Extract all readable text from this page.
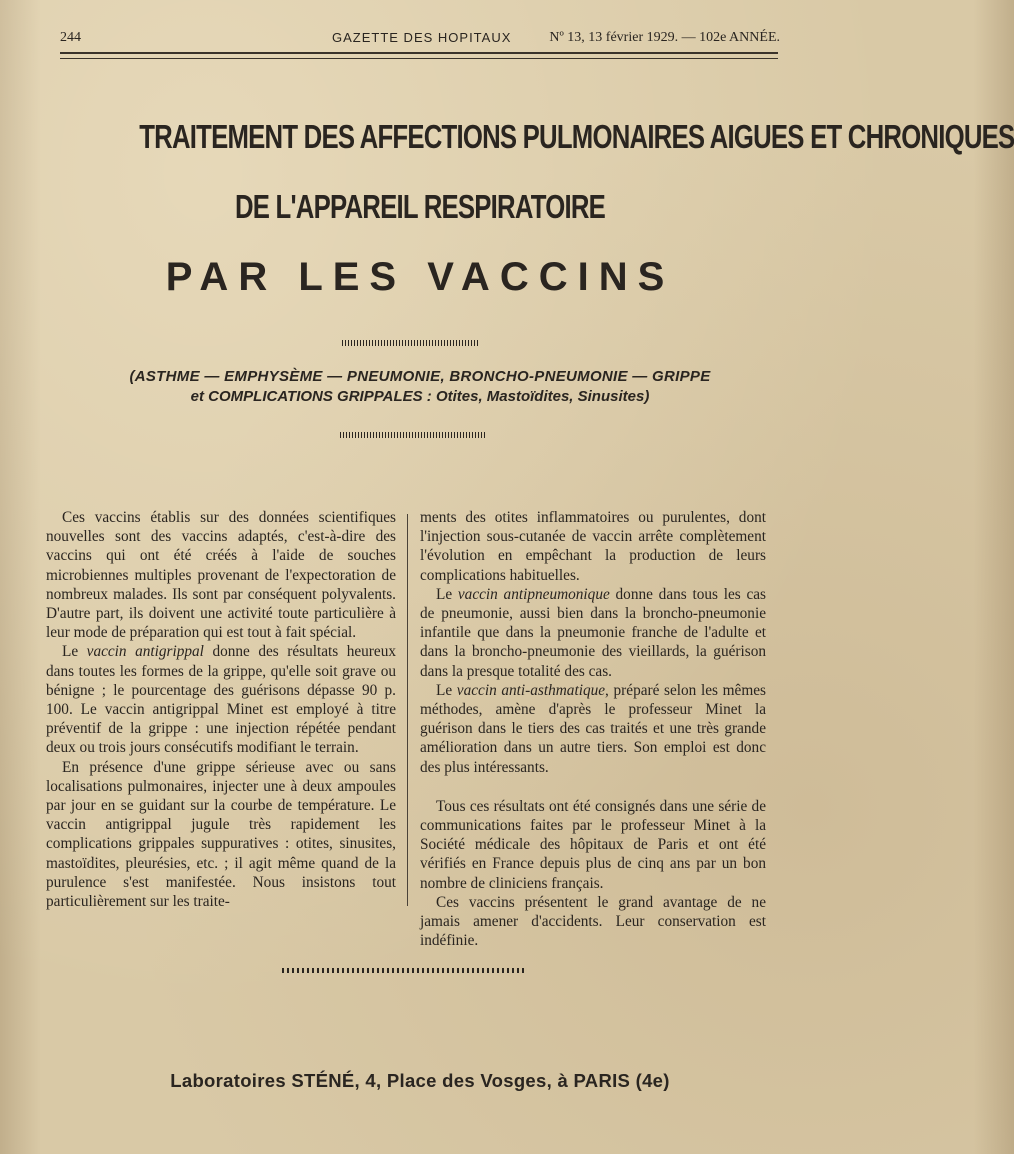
244	GAZETTE DES HOPITAUX	Nº 13, 13 février 1929. — 102e ANNÉE.
TRAITEMENT DES AFFECTIONS PULMONAIRES AIGUES ET CHRONIQUES
DE L'APPAREIL RESPIRATOIRE
PAR LES VACCINS
(ASTHME — EMPHYSÈME — PNEUMONIE, BRONCHO-PNEUMONIE — GRIPPE
et COMPLICATIONS GRIPPALES : Otites, Mastoïdites, Sinusites)

Ces vaccins établis sur des données scientifiques nouvelles sont des vaccins adaptés, c'est-à-dire des vaccins qui ont été créés à l'aide de souches microbiennes multiples provenant de l'expectoration de nombreux malades. Ils sont par conséquent polyvalents. D'autre part, ils doivent une activité toute particulière à leur mode de préparation qui est tout à fait spécial.

Le vaccin antigrippal donne des résultats heureux dans toutes les formes de la grippe, qu'elle soit grave ou bénigne ; le pourcentage des guérisons dépasse 90 p. 100. Le vaccin antigrippal Minet est employé à titre préventif de la grippe : une injection répétée pendant deux ou trois jours consécutifs modifiant le terrain.

En présence d'une grippe sérieuse avec ou sans localisations pulmonaires, injecter une à deux ampoules par jour en se guidant sur la courbe de température. Le vaccin antigrippal jugule très rapidement les complications grippales suppuratives : otites, sinusites, mastoïdites, pleurésies, etc. ; il agit même quand de la purulence s'est manifestée. Nous insistons tout particulièrement sur les traite-

ments des otites inflammatoires ou purulentes, dont l'injection sous-cutanée de vaccin arrête complètement l'évolution en empêchant la production de leurs complications habituelles.

Le vaccin antipneumonique donne dans tous les cas de pneumonie, aussi bien dans la broncho-pneumonie infantile que dans la pneumonie franche de l'adulte et dans la broncho-pneumonie des vieillards, la guérison dans la presque totalité des cas.

Le vaccin anti-asthmatique, préparé selon les mêmes méthodes, amène d'après le professeur Minet la guérison dans le tiers des cas traités et une très grande amélioration dans un autre tiers. Son emploi est donc des plus intéressants.

Tous ces résultats ont été consignés dans une série de communications faites par le professeur Minet à la Société médicale des hôpitaux de Paris et ont été vérifiés en France depuis plus de cinq ans par un bon nombre de cliniciens français.

Ces vaccins présentent le grand avantage de ne jamais amener d'accidents. Leur conservation est indéfinie.

Laboratoires STÉNÉ, 4, Place des Vosges, à PARIS (4e)
